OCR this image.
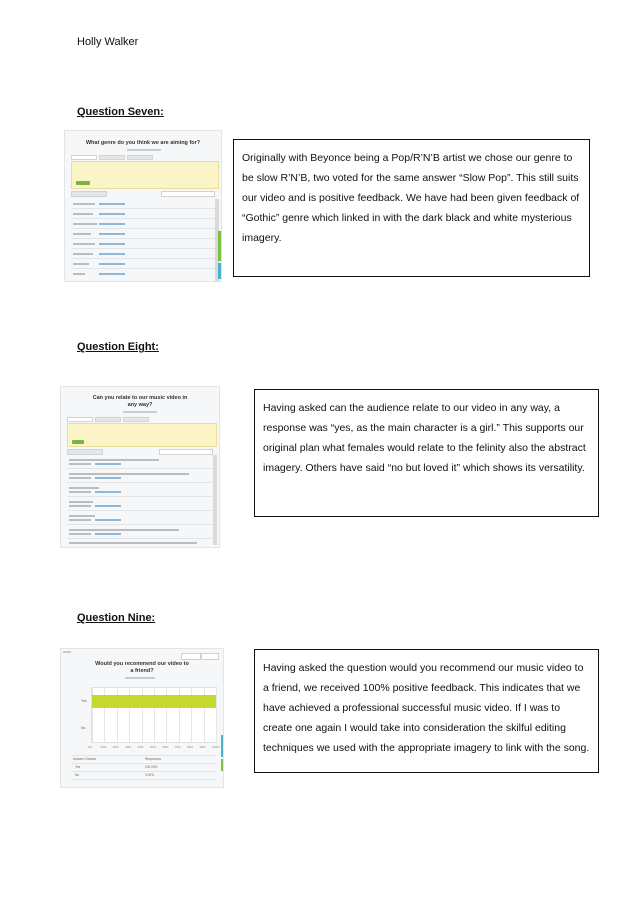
Holly Walker
Question Seven:
What genre do you think we are aiming for?

Originally with Beyonce being a Pop/R’N’B artist we chose our genre to be slow R’N’B, two voted for the same answer “Slow Pop”. This still suits our video and is positive feedback. We have had been given feedback of “Gothic” genre which linked in with the dark black and white mysterious imagery.

Question Eight:
Can you relate to our music video in any way?	Having asked can the audience relate to our video in any way, a response was “yes, as the main character is a girl.” This supports our original plan what females would relate to the felinity also the abstract imagery. Others have said “no but loved it” which shows its versatility.

Question Nine:
Would you recommend our video to a friend?
Answer Choices	Responses
Yes	100.00%
No	0.00%
0%	10% 20% 30% 40% 50% 60% 70% 80% 90% 100%
Yes
No

Having asked the question would you recommend our music video to a friend, we received 100% positive feedback. This indicates that we have achieved a professional successful music video. If I was to create one again I would take into consideration the skilful editing techniques we used with the appropriate imagery to link with the song.
